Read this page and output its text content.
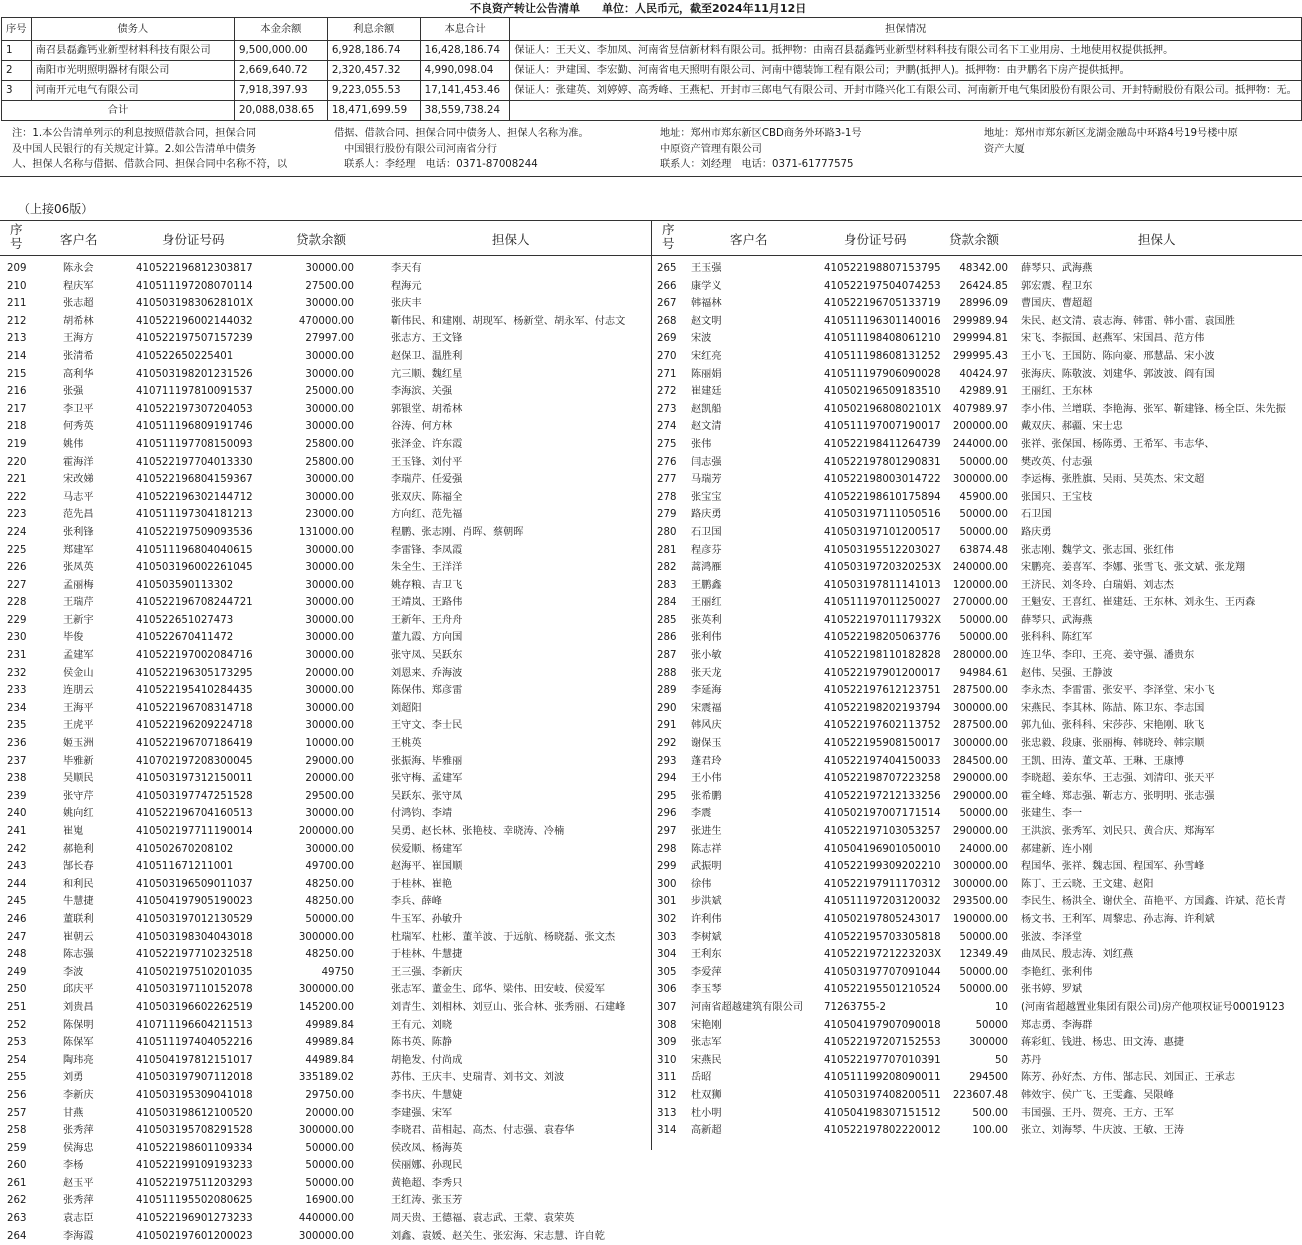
不良资产转让公告清单　　单位：人民币元，截至2024年11月12日
序号	债务人	本金余额	利息余额	本息合计	担保情况
1	南召县磊鑫钙业新型材料科技有限公司	9,500,000.00	6,928,186.74	16,428,186.74	保证人：王天义、李加凤、河南省昱信新材料有限公司。抵押物：由南召县磊鑫钙业新型材料科技有限公司名下工业用房、土地使用权提供抵押。
2	南阳市光明照明器材有限公司	2,669,640.72	2,320,457.32	4,990,098.04	保证人：尹建国、李宏勤、河南省电天照明有限公司、河南中德装饰工程有限公司；尹鹏(抵押人)。抵押物：由尹鹏名下房产提供抵押。
3	河南开元电气有限公司	7,918,397.93	9,223,055.53	17,141,453.46	保证人：张建英、刘婷婷、高秀峰、王燕杞、开封市三郎电气有限公司、开封市隆兴化工有限公司、河南新开电气集团股份有限公司、开封特耐股份有限公司。抵押物：无。
合计		20,088,038.65	18,471,699.59	38,559,738.24	
注：1.本公告清单列示的利息按照借款合同，担保合同
及中国人民银行的有关规定计算。2.如公告清单中债务
人、担保人名称与借据、借款合同、担保合同中名称不符，以
借据、借款合同、担保合同中债务人、担保人名称为准。
　中国银行股份有限公司河南省分行
　联系人：李经理　电话：0371-87008244
地址：郑州市郑东新区CBD商务外环路3-1号
中原资产管理有限公司
联系人：刘经理　电话：0371-61777575
地址：郑州市郑东新区龙湖金融岛中环路4号19号楼中原
资产大厦
（上接06版）
序号	客户名	身份证号码	贷款余额	担保人
序号	客户名	身份证号码	贷款余额	担保人
209	陈永会	410522196812303817	30000.00	李天有
210	程庆军	410511197208070114	27500.00	程海元
211	张志超	41050319830628101X	30000.00	张庆丰
212	胡希林	410522196002144032	470000.00	靳伟民、和建刚、胡现军、杨新堂、胡永军、付志文
213	王海方	410522197507157239	27997.00	张志方、王文锋
214	张清希	410522650225401	30000.00	赵保卫、温胜利
215	高利华	410503198201231526	30000.00	亢三顺、魏红星
216	张强	410711197810091537	25000.00	李海滨、关强
217	李卫平	410522197307204053	30000.00	郭银堂、胡希林
218	何秀英	410511196809191746	30000.00	谷涛、何方林
219	姚伟	410511197708150093	25800.00	张泽金、许东霞
220	霍海洋	410522197704013330	25800.00	王玉锋、刘付平
221	宋改娣	410522196804159367	30000.00	李瑞芹、任爱强
222	马志平	410522196302144712	30000.00	张双庆、陈福全
223	范先昌	410511197304181213	23000.00	方向红、范先福
224	张利锋	410522197509093536	131000.00	程鹏、张志刚、肖晖、蔡朝晖
225	郑建军	410511196804040615	30000.00	李雷锋、李凤霞
226	张凤英	410503196002261045	30000.00	朱全生、王洋洋
227	孟丽梅	410503590113302	30000.00	姚存粮、吉卫飞
228	王瑞芹	410522196708244721	30000.00	王靖岚、王路伟
229	王新宇	410522651027473	30000.00	王新年、王舟舟
230	毕俊	410522670411472	30000.00	董九霞、方向国
231	孟建军	410522197002084716	30000.00	张守凤、吴跃东
232	侯金山	410522196305173295	20000.00	刘恩来、乔海波
233	连朋云	410522195410284435	30000.00	陈保伟、郑彦雷
234	王海平	410522196708314718	30000.00	刘超阳
235	王虎平	410522196209224718	30000.00	王守文、李士民
236	姬玉洲	410522196707186419	10000.00	王桃英
237	毕雅新	410702197208300045	29000.00	张振海、毕雅丽
238	吴顺民	410503197312150011	20000.00	张守梅、孟建军
239	张守芹	410503197747251528	29500.00	吴跃东、张守凤
240	姚向红	410522196704160513	30000.00	付鸿钧、李靖
241	崔嵬	410502197711190014	200000.00	吴勇、赵长林、张艳枝、幸晓涛、冷楠
242	郝艳利	410502670208102	30000.00	侯爱顺、杨建军
243	郜长春	410511671211001	49700.00	赵海平、崔国顺
244	和利民	410503196509011037	48250.00	于桂林、崔艳
245	牛慧捷	410504197905190023	48250.00	李兵、薛峰
246	董联利	410503197012130529	50000.00	牛玉军、孙敏升
247	崔朝云	410503198304043018	300000.00	杜瑞军、杜彬、董羊波、于远航、杨晓磊、张文杰
248	陈志强	410522197710232518	48250.00	于桂林、牛慧捷
249	李波	410502197510201035	49750	王三强、李新庆
250	邱庆平	410503197110152078	300000.00	张志军、董金生、邱华、梁伟、田安岐、侯爱军
251	刘贵昌	410503196602262519	145200.00	刘青生、刘相林、刘豆山、张合林、张秀丽、石建峰
252	陈保明	410711196604211513	49989.84	王有元、刘晓
253	陈保军	410511197404052216	49989.84	陈书英、陈静
254	陶玮亮	410504197812151017	44989.84	胡艳发、付尚成
255	刘勇	410503197907112018	335189.02	苏伟、王庆丰、史瑞青、刘书文、刘波
256	李新庆	410503195309041018	29750.00	李书庆、牛慧婕
257	甘燕	410503198612100520	20000.00	李建强、宋军
258	张秀萍	410503195708291528	300000.00	李晓君、苗相起、高杰、付志强、袁春华
259	侯海忠	410522198601109334	50000.00	侯改凤、杨海英
260	李杨	410522199109193233	50000.00	侯丽娜、孙现民
261	赵玉平	410522197511203293	50000.00	黄艳超、李秀只
262	张秀萍	410511195502080625	16900.00	王红涛、张玉芳
263	袁志臣	410522196901273233	440000.00	周天贵、王德福、袁志武、王蒙、袁荣英
264	李海霞	410502197601200023	300000.00	刘鑫、袁媛、赵关生、张宏海、宋志慧、许自乾
265	王玉强	410522198807153795	48342.00 薛琴只、武海燕
266	康学义	410522197504074253	26424.85 郭宏震、程卫东
267	韩福林	410522196705133719	28996.09 曹国庆、曹超超
268	赵文明	410511196301140016	299989.94 朱民、赵文清、袁志海、韩雷、韩小雷、袁国胜
269	宋波	410511198408061210	299994.81 宋飞、李振国、赵燕军、宋国昌、范方伟
270	宋红亮	410511198608131252	299995.43 王小飞、王国防、陈向豪、邢慧晶、宋小波
271	陈丽娟	410511197906090028	40424.97 张海庆、陈敬波、刘建华、郭波波、阎有国
272	崔建廷	410502196509183510	42989.91 王丽红、王东林
273	赵凯船	41050219680802101X	407989.97 李小伟、兰增联、李艳海、张军、靳建锋、杨全臣、朱先振
274	赵文清	410511197007190017	200000.00 戴双庆、郝疆、宋士忠
275	张伟	410522198411264739	244000.00 张祥、张保国、杨陈勇、王希军、韦志华、
276	闫志强	410522197801290831	50000.00 樊改英、付志强
277	马瑞芳	410522198003014722	300000.00 李运梅、张胜旗、吴雨、吴英杰、宋文超
278	张宝宝	410522198610175894	45900.00 张国只、王宝枝
279	路庆勇	410503197111050516	50000.00 石卫国
280	石卫国	410503197101200517	50000.00 路庆勇
281	程彦芬	410503195512203027	63874.48 张志刚、魏学文、张志国、张红伟
282	蒿鸿雁	41050319720320253X	240000.00 宋鹏亮、姜喜军、李娜、张雪飞、张文斌、张龙翔
283	王鹏鑫	410503197811141013	120000.00 王济民、刘冬玲、白瑞娟、刘志杰
284	王丽红	410511197011250027	270000.00 王魁安、王喜红、崔建廷、王东林、刘永生、王丙森
285	张英利	41052219701117932X	50000.00 薛琴只、武海燕
286	张利伟	410522198205063776	50000.00 张科科、陈红军
287	张小敏	410522198110182828	280000.00 连卫华、李印、王亮、姜守强、潘贵东
288	张天龙	410522197901200017	94984.61 赵伟、吴强、王静波
289	李延海	410522197612123751	287500.00 李永杰、李雷雷、张安平、李泽堂、宋小飞
290	宋震福	410522198202193794	300000.00 宋燕民、李其林、陈喆、陈卫东、李志国
291	韩风庆	410522197602113752	287500.00 郭九仙、张科科、宋莎莎、宋艳刚、耿飞
292	谢保玉	410522195908150017	300000.00 张忠毅、段康、张丽梅、韩晓玲、韩宗顺
293	蓬君玲	410522197404150033	284500.00 王凯、田涛、董文革、王琳、王康博
294	王小伟	410522198707223258	290000.00 李晓超、姜东华、王志强、刘清印、张天平
295	张希鹏	410522197212133256	290000.00 霍全峰、郑志强、靳志方、张明明、张志强
296	李震	410502197007171514	50000.00 张建生、李一
297	张进生	410522197103053257	290000.00 王洪滨、张秀军、刘民只、黄合庆、郑海军
298	陈志祥	410504196901050010	24000.00 郝建新、连小刚
299	武振明	410522199309202210	300000.00 程国华、张祥、魏志国、程国军、孙雪峰
300	徐伟	410522197911170312	300000.00 陈丁、王云晓、王文建、赵阳
301	步洪斌	410511197203120032	293500.00 李民生、杨洪全、谢伏全、苗艳平、方国鑫、许斌、范长青
302	许利伟	410502197805243017	190000.00 杨文书、王利军、周黎忠、孙志海、许利斌
303	李树斌	410522195703305818	50000.00 张波、李泽堂
304	王利东	41052219721223203X	12349.49 曲凤民、殷志涛、刘红燕
305	李爱萍	410503197707091044	50000.00 李艳红、张利伟
306	李玉琴	410522195501210524	50000.00 张书婷、罗斌
307	河南省超越建筑有限公司	71263755-2	10 (河南省超越置业集团有限公司)房产他项权证号00019123
308	宋艳刚	410504197907090018	50000 郑志勇、李海群
309	张志军	410522197207152553	300000 蒋彩虹、钱进、杨忠、田文涛、惠捷
310	宋燕民	410522197707010391	50 苏丹
311	岳昭	410511199208090011	294500 陈芳、孙好杰、方伟、郜志民、刘国正、王承志
312	杜双狮	410503197408200511	223607.48 韩效宇、侯广飞、王雯鑫、吴限峰
313	杜小明	410504198307151512	500.00 韦国强、王丹、贺亮、王方、王军
314	高新超	410522197802220012	100.00 张立、刘海琴、牛庆波、王敏、王涛
